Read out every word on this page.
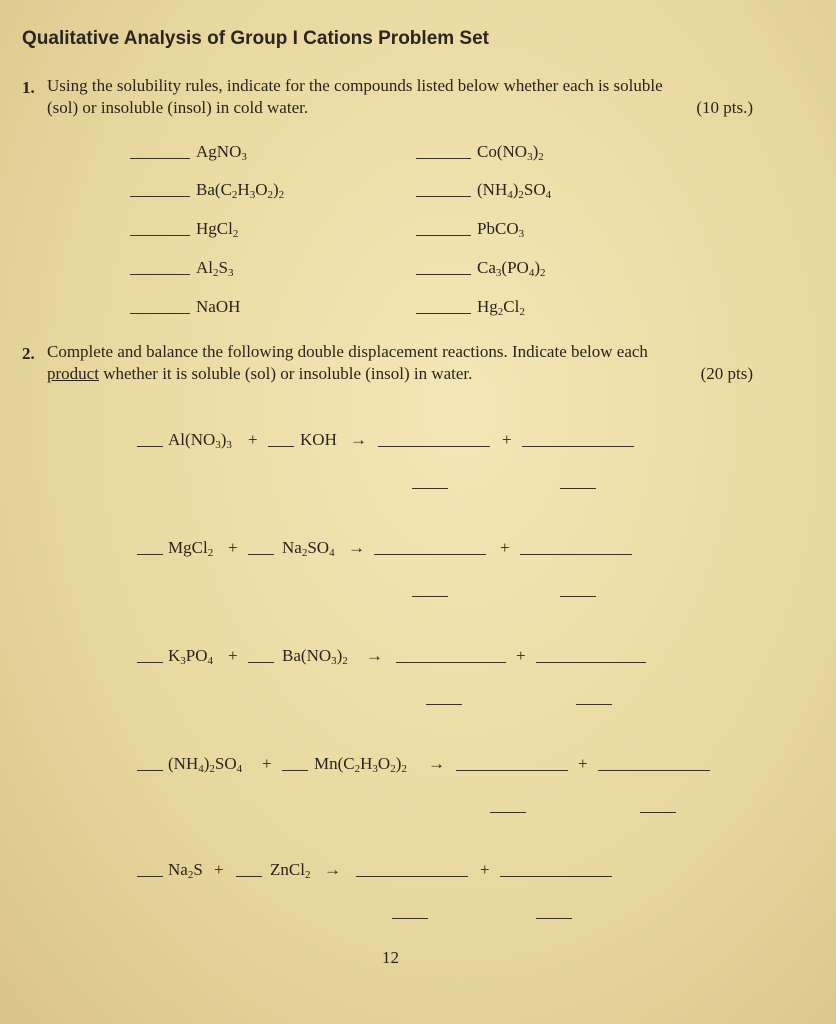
Qualitative Analysis of Group I Cations Problem Set
1. Using the solubility rules, indicate for the compounds listed below whether each is soluble
(sol) or insoluble (insol) in cold water.	(10 pts.)
AgNO$_3$	$Co(NO_3)_2$
$Ba(C_2H_3O_2)_2$	$(NH_4)_2SO_4$
HgCl$_2$	PbCO$_3$
$Al_2S_3$	$Ca_3(PO_4)_2$
NaOH	$Hg_2Cl_2$
2. Complete and balance the following double displacement reactions. Indicate below each
product whether it is soluble (sol) or insoluble (insol) in water.	(20 pts)
$Al(NO_3)_3$ + KOH →	+
MgCl$_2$ +	$Na_2SO_4$ →	+
$K_3PO_4$ +	$Ba(NO_3)_2$ →	+
$(NH_4)_2SO_4 + Mn(C_2H_3O_2)_2$ →	+
$Na_2S$ +	ZnCl$_2$ →	+
12
